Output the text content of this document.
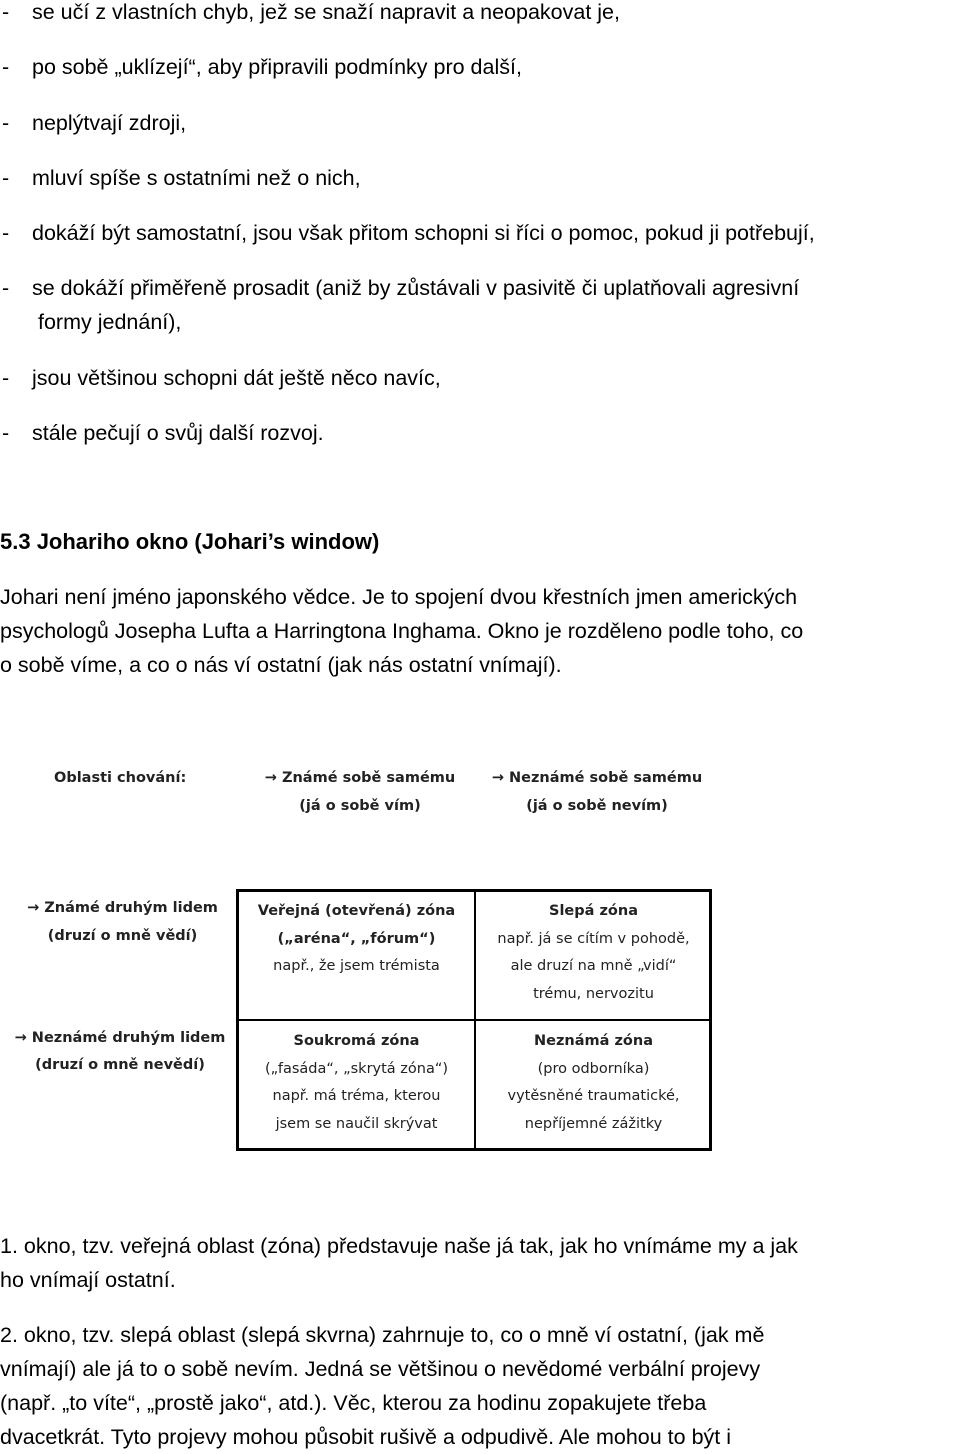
- se učí z vlastních chyb, jež se snaží napravit a neopakovat je,
- po sobě „uklízejí“, aby připravili podmínky pro další,
- neplýtvají zdroji,
- mluví spíše s ostatními než o nich,
- dokáží být samostatní, jsou však přitom schopni si říci o pomoc, pokud ji potřebují,
- se dokáží přiměřeně prosadit (aniž by zůstávali v pasivitě či uplatňovali agresivní
formy jednání),
- jsou většinou schopni dát ještě něco navíc,
- stále pečují o svůj další rozvoj.
5.3 Johariho okno (Johari’s window)
Johari není jméno japonského vědce. Je to spojení dvou křestních jmen amerických
psychologů Josepha Lufta a Harringtona Inghama. Okno je rozděleno podle toho, co
o sobě víme, a co o nás ví ostatní (jak nás ostatní vnímají).
Oblasti chování:	→ Známé sobě samému
(já o sobě vím)
→ Neznámé sobě samému
(já o sobě nevím)
→ Známé druhým lidem
(druzí o mně vědí)
→ Neznámé druhým lidem
(druzí o mně nevědí)
Veřejná (otevřená) zóna
(„aréna“, „fórum“)
např., že jsem trémista
Slepá zóna
např. já se cítím v pohodě,
ale druzí na mně „vidí“
trému, nervozitu
Soukromá zóna
(„fasáda“, „skrytá zóna“)
např. má tréma, kterou
jsem se naučil skrývat
Neznámá zóna
(pro odborníka)
vytěsněné traumatické,
nepříjemné zážitky
1. okno, tzv. veřejná oblast (zóna) představuje naše já tak, jak ho vnímáme my a jak
ho vnímají ostatní.
2. okno, tzv. slepá oblast (slepá skvrna) zahrnuje to, co o mně ví ostatní, (jak mě
vnímají) ale já to o sobě nevím. Jedná se většinou o nevědomé verbální projevy
(např. „to víte“, „prostě jako“, atd.). Věc, kterou za hodinu zopakujete třeba
dvacetkrát. Tyto projevy mohou působit rušivě a odpudivě. Ale mohou to být i
